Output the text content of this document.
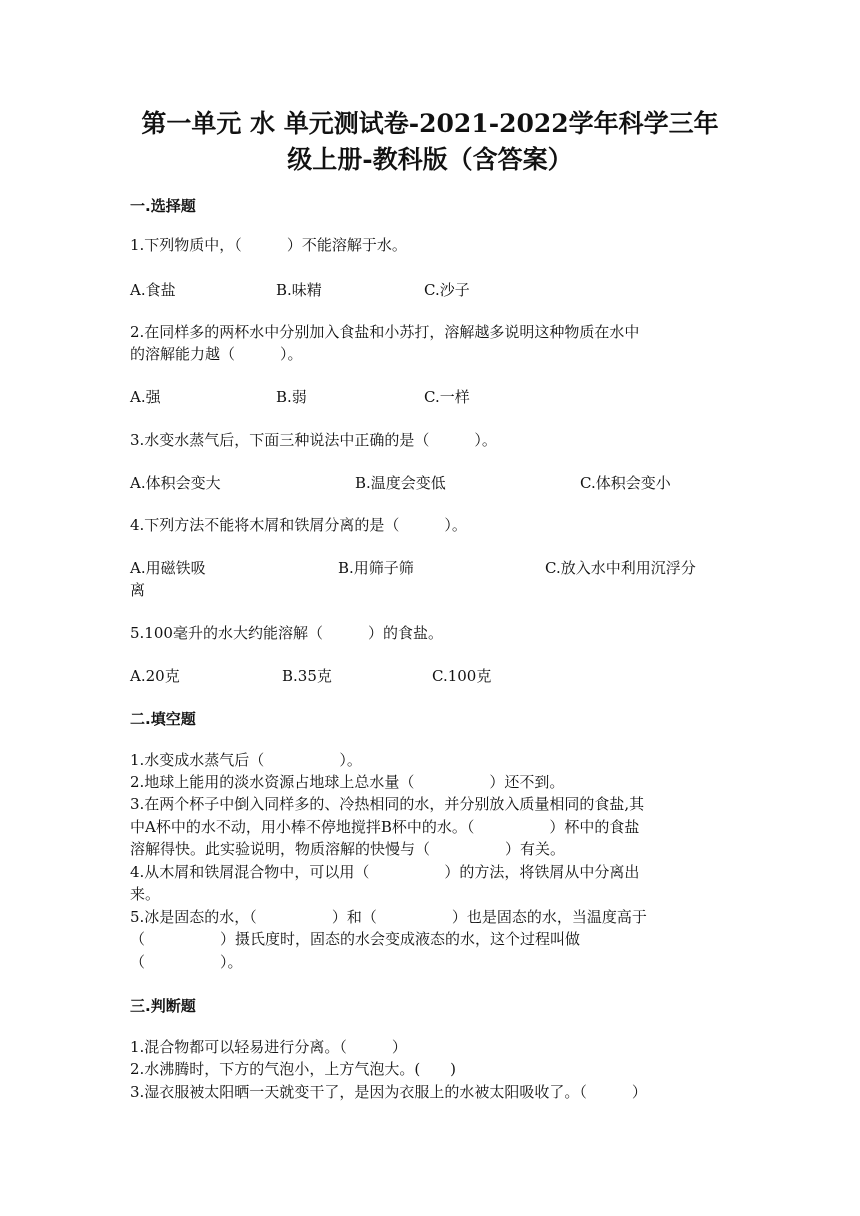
第一单元 水 单元测试卷-2021-2022学年科学三年
级上册-教科版（含答案）
一.选择题
1.下列物质中，（　　　）不能溶解于水。
A.食盐	B.味精	C.沙子
2.在同样多的两杯水中分别加入食盐和小苏打，溶解越多说明这种物质在水中
的溶解能力越（　　　）。
A.强	B.弱	C.一样
3.水变水蒸气后，下面三种说法中正确的是（　　　）。
A.体积会变大	B.温度会变低	C.体积会变小
4.下列方法不能将木屑和铁屑分离的是（　　　）。
A.用磁铁吸	B.用筛子筛	C.放入水中利用沉浮分
离
5.100毫升的水大约能溶解（　　　）的食盐。
A.20克	B.35克	C.100克
二.填空题
1.水变成水蒸气后（　　　　　）。
2.地球上能用的淡水资源占地球上总水量（　　　　　）还不到。
3.在两个杯子中倒入同样多的、冷热相同的水，并分别放入质量相同的食盐,其
中A杯中的水不动，用小棒不停地搅拌B杯中的水。（　　　　　）杯中的食盐
溶解得快。此实验说明，物质溶解的快慢与（　　　　　）有关。
4.从木屑和铁屑混合物中，可以用（　　　　　）的方法，将铁屑从中分离出
来。
5.冰是固态的水，（　　　　　）和（　　　　　）也是固态的水，当温度高于
（　　　　　）摄氏度时，固态的水会变成液态的水，这个过程叫做
（　　　　　）。
三.判断题
1.混合物都可以轻易进行分离。（　　　）
2.水沸腾时，下方的气泡小，上方气泡大。(　　)
3.湿衣服被太阳晒一天就变干了，是因为衣服上的水被太阳吸收了。（　　　）
